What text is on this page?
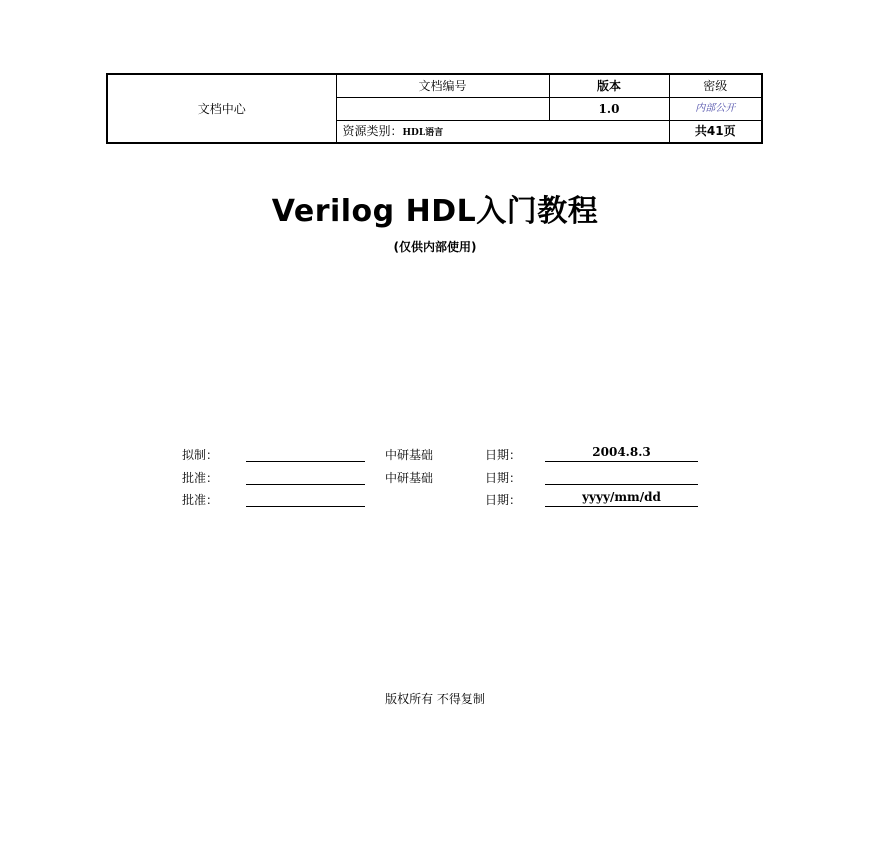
文档中心	文档编号	版本	密级
		1.0	内部公开
	资源类别：HDL语言		共41页
Verilog HDL入门教程
(仅供内部使用)
拟制：	中研基础	日期：	2004.8.3
批准：	中研基础	日期：
批准：	日期：	yyyy/mm/dd
版权所有 不得复制
